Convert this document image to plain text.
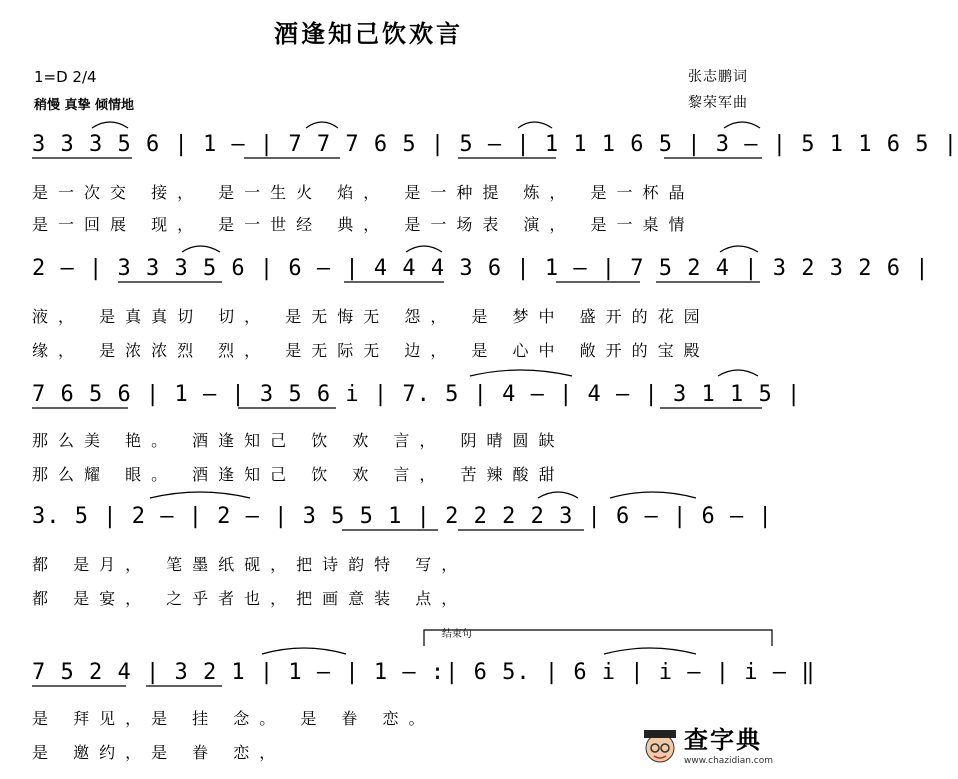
酒逢知己饮欢言
1=D 2/4
稍慢 真挚 倾情地
张志鹏词
黎荣军曲
3 3 3 5 6 | 1 – | 7 7 7 6 5 | 5 – | 1 1 1 6 5 | 3 – | 5 1 1 6 5 |
是一次交 接， 是一生火 焰， 是一种提 炼， 是一杯晶
是一回展 现， 是一世经 典， 是一场表 演， 是一桌情
2 – | 3 3 3 5 6 | 6 – | 4 4 4 3 6 | 1 – | 7 5 2 4 | 3 2 3 2 6 |
液， 是真真切 切， 是无悔无 怨， 是 梦中 盛开的花园
缘， 是浓浓烈 烈， 是无际无 边， 是 心中 敞开的宝殿
7 6 5 6 | 1 – | 3 5 6 i | 7. 5 | 4 – | 4 – | 3 1 1 5 |
那么美 艳。 酒逢知己 饮 欢 言， 阴晴圆缺
那么耀 眼。 酒逢知己 饮 欢 言， 苦辣酸甜
3. 5 | 2 – | 2 – | 3 5 5 1 | 2 2 2 2 3 | 6 – | 6 – |
都 是月， 笔墨纸砚，把诗韵特 写，
都 是宴， 之乎者也，把画意装 点，
结束句
7 5 2 4 | 3 2 1 | 1 – | 1 – :| 6 5. | 6 i | i – | i – ‖
是 拜见，是 挂 念。 是 眷 恋。
是 邀约，是 眷 恋，	查字典
www.chazidian.com
